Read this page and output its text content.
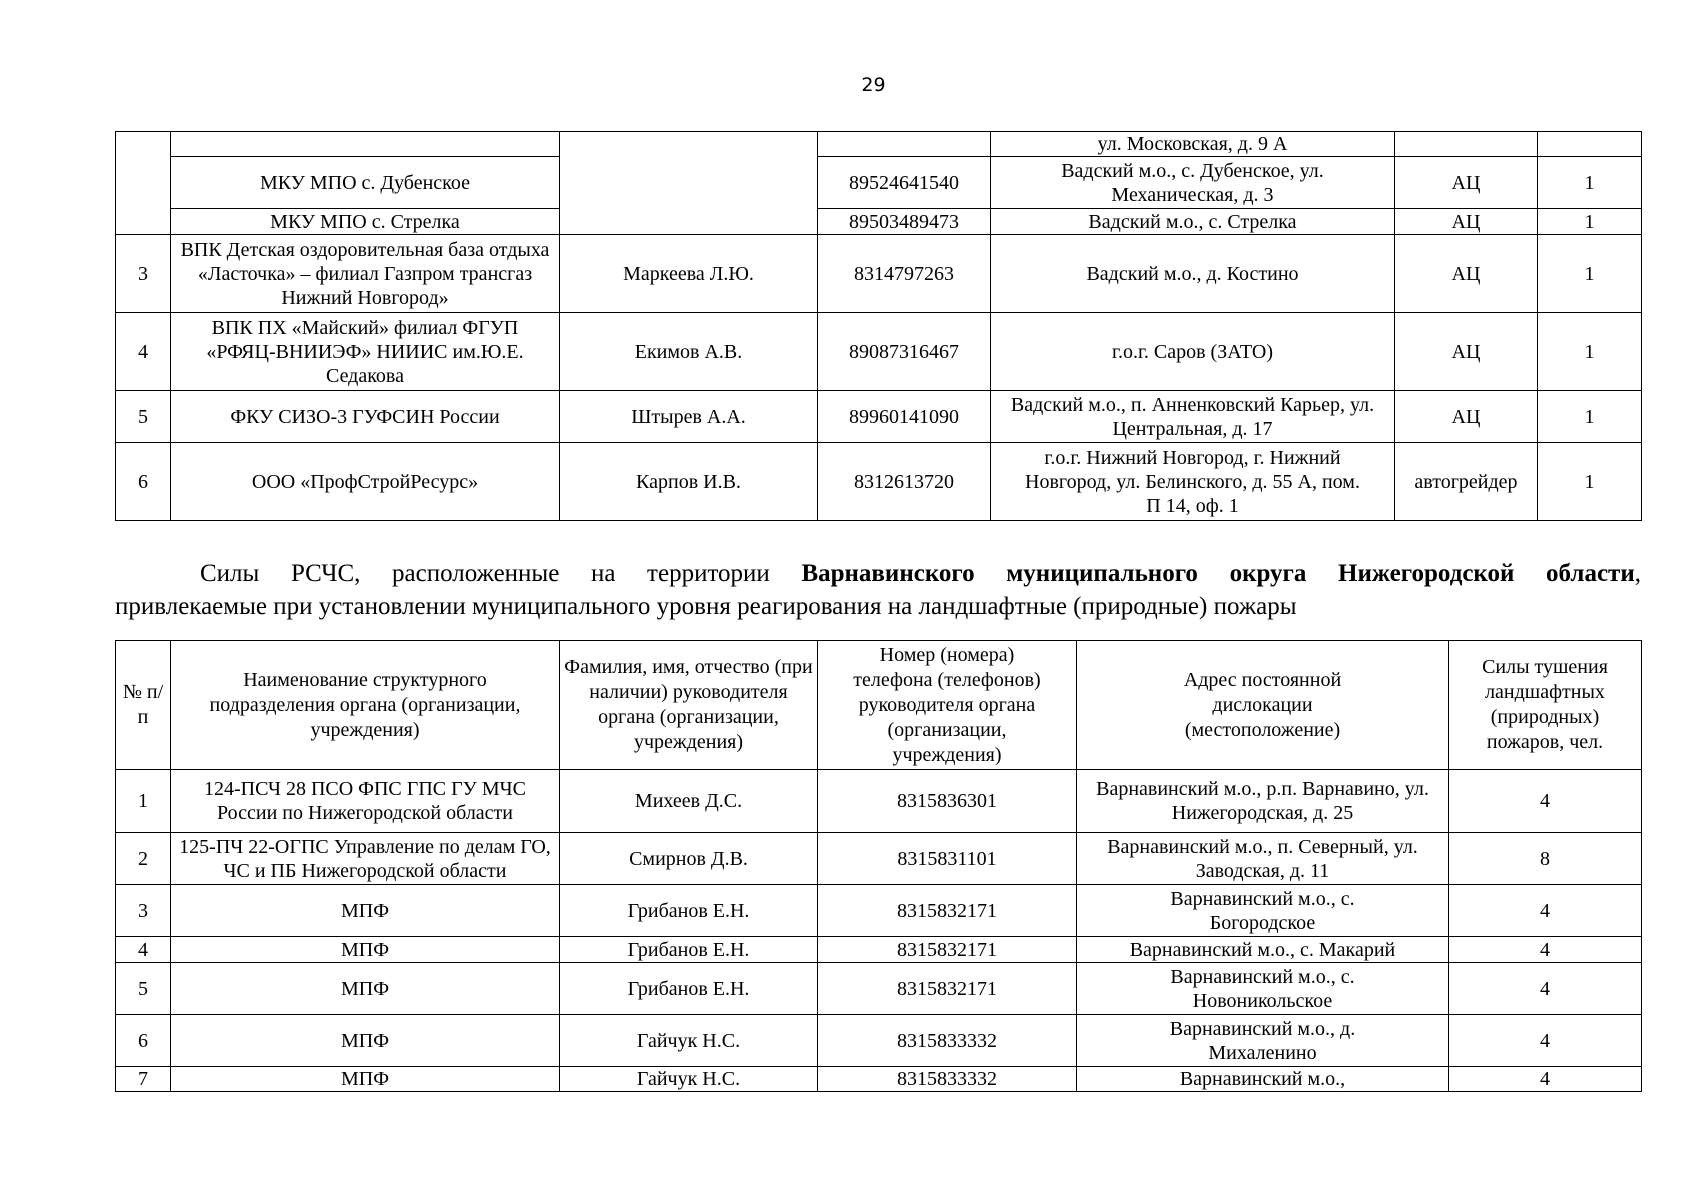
29
				ул. Московская, д. 9 А		
	МКУ МПО с. Дубенское		89524641540	Вадский м.о., с. Дубенское, ул. Механическая, д. 3	АЦ	1
	МКУ МПО с. Стрелка		89503489473	Вадский м.о., с. Стрелка	АЦ	1
3	ВПК Детская оздоровительная база отдыха «Ласточка» – филиал Газпром трансгаз Нижний Новгород»	Маркеева Л.Ю.	8314797263	Вадский м.о., д. Костино	АЦ	1
4	ВПК ПХ «Майский» филиал ФГУП «РФЯЦ-ВНИИЭФ» НИИИС им.Ю.Е. Седакова	Екимов А.В.	89087316467	г.о.г. Саров (ЗАТО)	АЦ	1
5	ФКУ СИЗО-3 ГУФСИН России	Штырев А.А.	89960141090	Вадский м.о., п. Анненковский Карьер, ул. Центральная, д. 17	АЦ	1
6	ООО «ПрофСтройРесурс»	Карпов И.В.	8312613720	г.о.г. Нижний Новгород, г. Нижний Новгород, ул. Белинского, д. 55 А, пом. П 14, оф. 1	автогрейдер	1
Силы РСЧС, расположенные на территории Варнавинского муниципального округа Нижегородской области,
привлекаемые при установлении муниципального уровня реагирования на ландшафтные (природные) пожары
№ п/п	Наименование структурного подразделения органа (организации, учреждения)	Фамилия, имя, отчество (при наличии) руководителя органа (организации, учреждения)	Номер (номера) телефона (телефонов) руководителя органа (организации, учреждения)	Адрес постоянной дислокации (местоположение)	Силы тушения ландшафтных (природных) пожаров, чел.
1	124-ПСЧ 28 ПСО ФПС ГПС ГУ МЧС России по Нижегородской области	Михеев Д.С.	8315836301	Варнавинский м.о., р.п. Варнавино, ул. Нижегородская, д. 25	4
2	125-ПЧ 22-ОГПС Управление по делам ГО, ЧС и ПБ Нижегородской области	Смирнов Д.В.	8315831101	Варнавинский м.о., п. Северный, ул. Заводская, д. 11	8
3	МПФ	Грибанов Е.Н.	8315832171	Варнавинский м.о., с. Богородское	4
4	МПФ	Грибанов Е.Н.	8315832171	Варнавинский м.о., с. Макарий	4
5	МПФ	Грибанов Е.Н.	8315832171	Варнавинский м.о., с. Новоникольское	4
6	МПФ	Гайчук Н.С.	8315833332	Варнавинский м.о., д. Михаленино	4
7	МПФ	Гайчук Н.С.	8315833332	Варнавинский м.о.,	4
